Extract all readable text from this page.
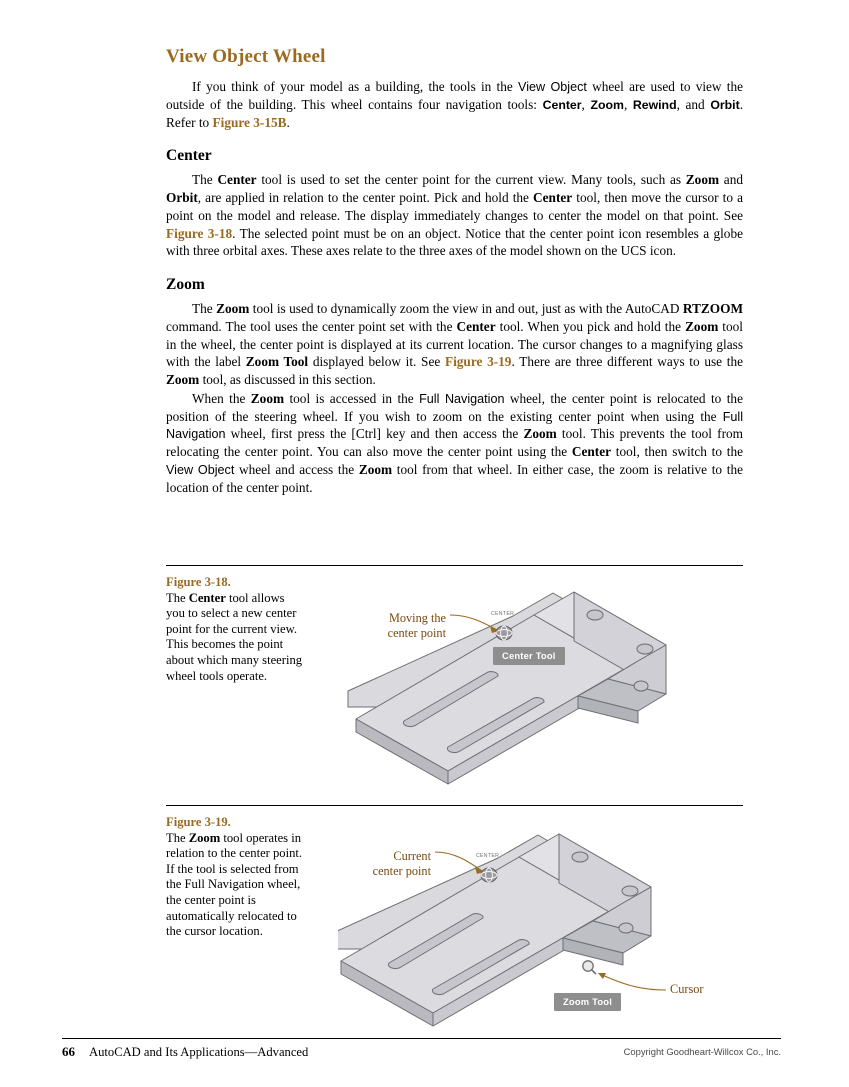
View Object Wheel

If you think of your model as a building, the tools in the View Object wheel are used to view the outside of the building. This wheel contains four navigation tools: Center, Zoom, Rewind, and Orbit. Refer to Figure 3-15B.

Center

The Center tool is used to set the center point for the current view. Many tools, such as Zoom and Orbit, are applied in relation to the center point. Pick and hold the Center tool, then move the cursor to a point on the model and release. The display immediately changes to center the model on that point. See Figure 3-18. The selected point must be on an object. Notice that the center point icon resembles a globe with three orbital axes. These axes relate to the three axes of the model shown on the UCS icon.

Zoom

The Zoom tool is used to dynamically zoom the view in and out, just as with the AutoCAD RTZOOM command. The tool uses the center point set with the Center tool. When you pick and hold the Zoom tool in the wheel, the center point is displayed at its current location. The cursor changes to a magnifying glass with the label Zoom Tool displayed below it. See Figure 3-19. There are three different ways to use the Zoom tool, as discussed in this section.

When the Zoom tool is accessed in the Full Navigation wheel, the center point is relocated to the position of the steering wheel. If you wish to zoom on the existing center point when using the Full Navigation wheel, first press the [Ctrl] key and then access the Zoom tool. This prevents the tool from relocating the center point. You can also move the center point using the Center tool, then switch to the View Object wheel and access the Zoom tool from that wheel. In either case, the zoom is relative to the location of the center point.

Figure 3-18.
The Center tool allows you to select a new center point for the current view. This becomes the point about which many steering wheel tools operate.
CENTER
Moving the
center point
Center Tool
Figure 3-19.
The Zoom tool operates in relation to the center point. If the tool is selected from the Full Navigation wheel, the center point is automatically relocated to the cursor location.
CENTER
Current
center point
Zoom Tool
Cursor
66 AutoCAD and Its Applications—Advanced	Copyright Goodheart-Willcox Co., Inc.
